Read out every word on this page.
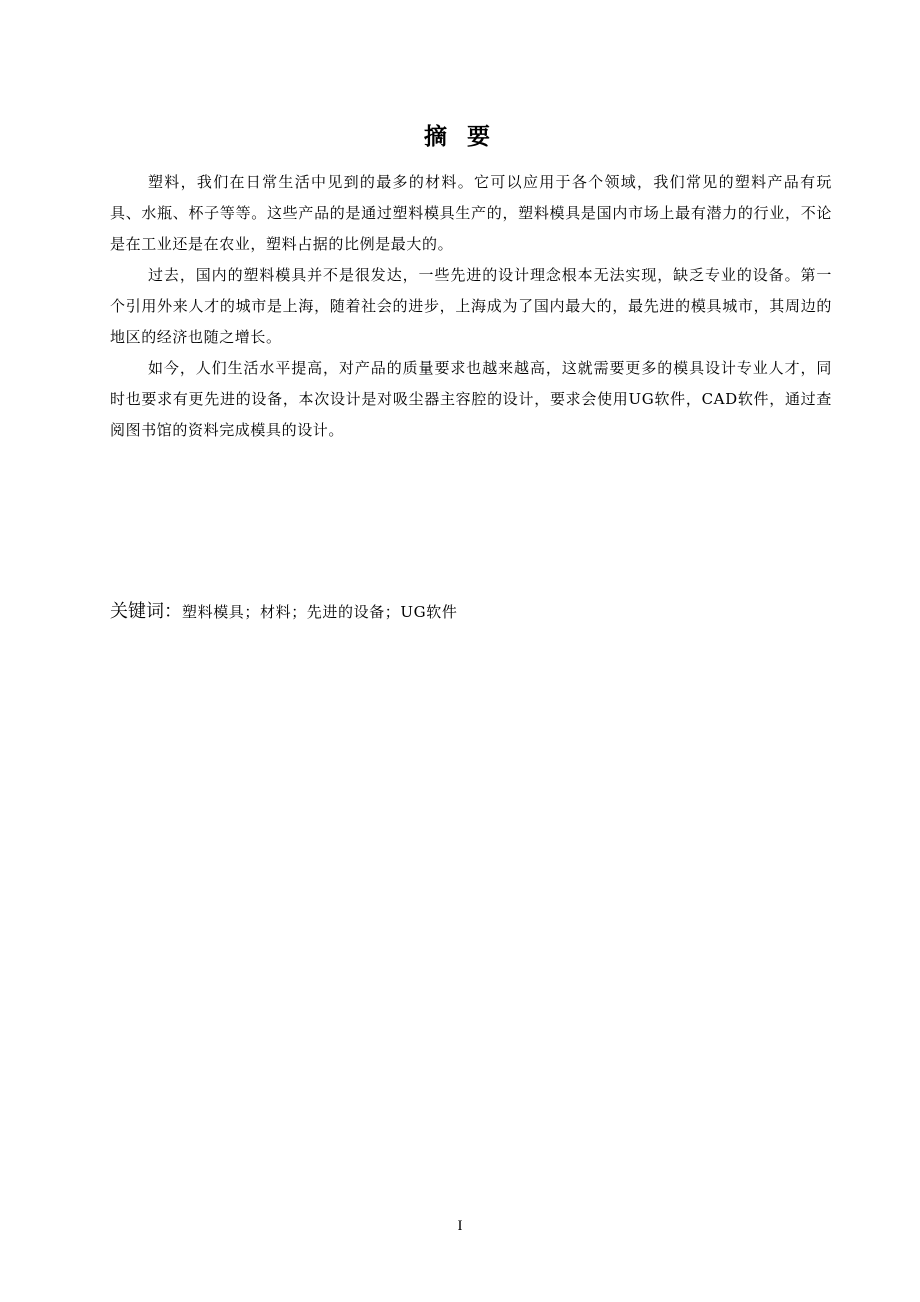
摘 要

塑料，我们在日常生活中见到的最多的材料。它可以应用于各个领域，我们常见的塑料产品有玩具、水瓶、杯子等等。这些产品的是通过塑料模具生产的，塑料模具是国内市场上最有潜力的行业，不论是在工业还是在农业，塑料占据的比例是最大的。

过去，国内的塑料模具并不是很发达，一些先进的设计理念根本无法实现，缺乏专业的设备。第一个引用外来人才的城市是上海，随着社会的进步，上海成为了国内最大的，最先进的模具城市，其周边的地区的经济也随之增长。

如今，人们生活水平提高，对产品的质量要求也越来越高，这就需要更多的模具设计专业人才，同时也要求有更先进的设备，本次设计是对吸尘器主容腔的设计，要求会使用UG软件，CAD软件，通过查阅图书馆的资料完成模具的设计。

关键词：塑料模具；材料；先进的设备；UG软件
I
